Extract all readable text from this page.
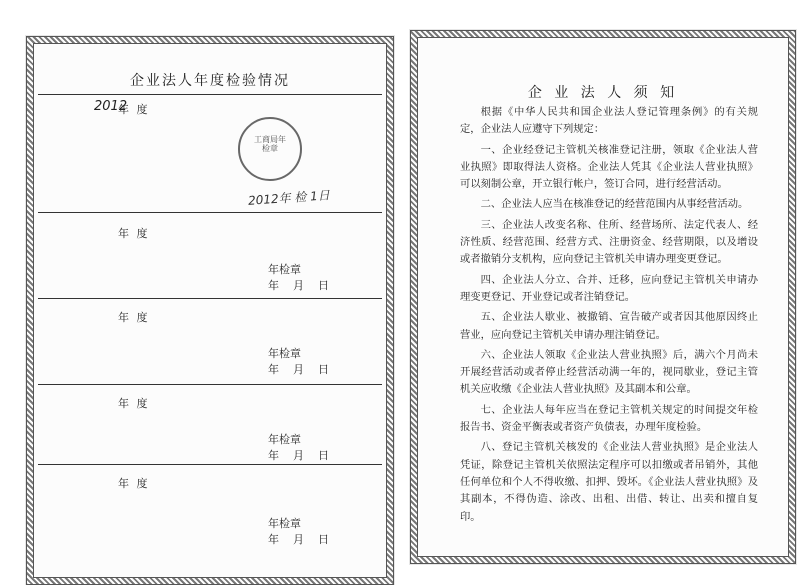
企业法人年度检验情况
2012
年 度
工商局年检章
2012年 检 1日
年 度
年检章
年    月    日
年 度
年检章
年    月    日
年 度
年检章
年    月    日
年 度
年检章
年    月    日
企 业 法 人 须 知

根据《中华人民共和国企业法人登记管理条例》的有关规定，企业法人应遵守下列规定：

一、企业经登记主管机关核准登记注册，领取《企业法人营业执照》即取得法人资格。企业法人凭其《企业法人营业执照》可以刻制公章，开立银行帐户，签订合同，进行经营活动。

二、企业法人应当在核准登记的经营范围内从事经营活动。

三、企业法人改变名称、住所、经营场所、法定代表人、经济性质、经营范围、经营方式、注册资金、经营期限，以及增设或者撤销分支机构，应向登记主管机关申请办理变更登记。

四、企业法人分立、合并、迁移，应向登记主管机关申请办理变更登记、开业登记或者注销登记。

五、企业法人歇业、被撤销、宣告破产或者因其他原因终止营业，应向登记主管机关申请办理注销登记。

六、企业法人领取《企业法人营业执照》后，满六个月尚未开展经营活动或者停止经营活动满一年的，视同歇业，登记主管机关应收缴《企业法人营业执照》及其副本和公章。

七、企业法人每年应当在登记主管机关规定的时间提交年检报告书、资金平衡表或者资产负债表，办理年度检验。

八、登记主管机关核发的《企业法人营业执照》是企业法人凭证，除登记主管机关依照法定程序可以扣缴或者吊销外，其他任何单位和个人不得收缴、扣押、毁坏。《企业法人营业执照》及其副本，不得伪造、涂改、出租、出借、转让、出卖和擅自复印。
